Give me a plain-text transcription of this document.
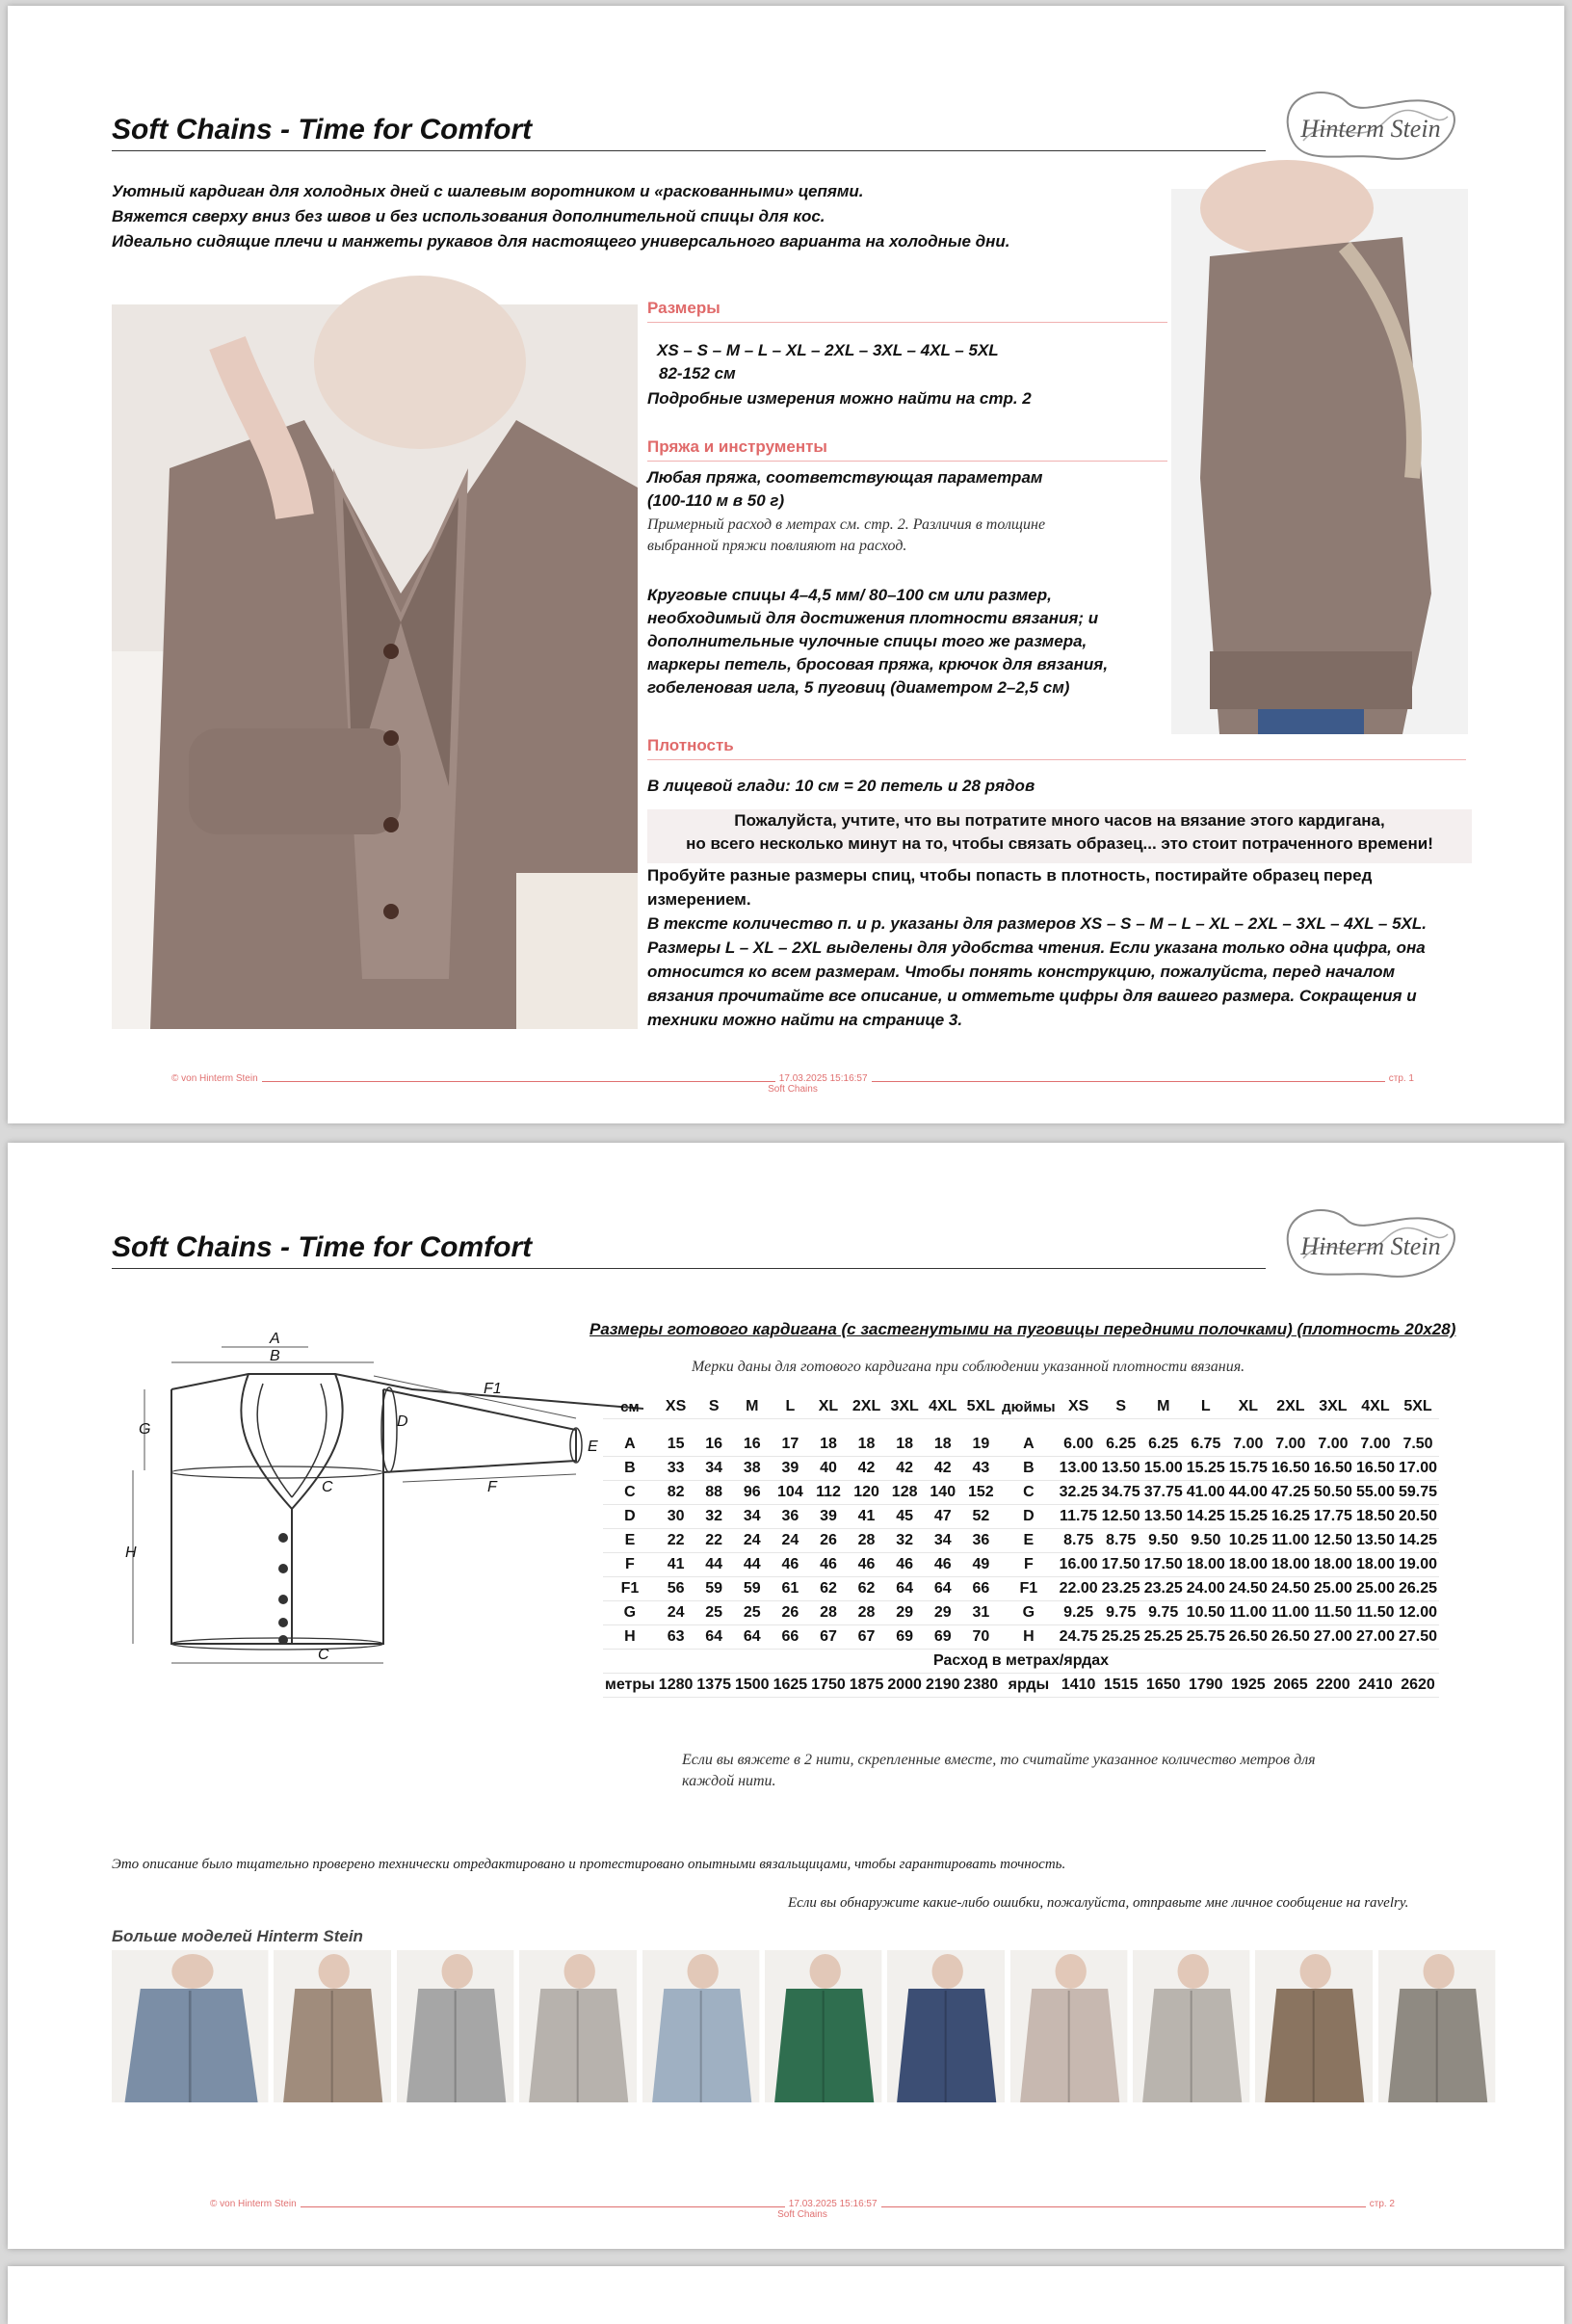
Soft Chains - Time for Comfort	Hinterm Stein
Уютный кардиган для холодных дней с шалевым воротником и «раскованными» цепями.
Вяжется сверху вниз без швов и без использования дополнительной спицы для кос.
Идеально сидящие плечи и манжеты рукавов для настоящего универсального варианта на холодные дни.
Размеры
XS – S – M – L – XL – 2XL – 3XL – 4XL – 5XL
82-152 см
Подробные измерения можно найти на стр. 2
Пряжа и инструменты
Любая пряжа, соответствующая параметрам
(100-110 м в 50 г)
Примерный расход в метрах см. стр. 2. Различия в толщине
выбранной пряжи повлияют на расход.
Круговые спицы 4–4,5 мм/ 80–100 см или размер,
необходимый для достижения плотности вязания; и
дополнительные чулочные спицы того же размера,
маркеры петель, бросовая пряжа, крючок для вязания,
гобеленовая игла, 5 пуговиц (диаметром 2–2,5 см)
Плотность
В лицевой глади: 10 см = 20 петель и 28 рядов
Пожалуйста, учтите, что вы потратите много часов на вязание этого кардигана,
но всего несколько минут на то, чтобы связать образец... это стоит потраченного времени!
Пробуйте разные размеры спиц, чтобы попасть в плотность, постирайте образец перед
измерением.
В тексте количество п. и р. указаны для размеров XS – S – M – L – XL – 2XL – 3XL – 4XL – 5XL.
Размеры L – XL – 2XL выделены для удобства чтения. Если указана только одна цифра, она
относится ко всем размерам. Чтобы понять конструкцию, пожалуйста, перед началом
вязания прочитайте все описание, и отметьте цифры для вашего размера. Сокращения и
техники можно найти на странице 3.
© von Hinterm Stein	17.03.2025 15:16:57	стр. 1
Soft Chains
Soft Chains - Time for Comfort	Hinterm Stein
A
B
F1
G	D
E
C	F
H
C
Размеры готового кардигана (с застегнутыми на пуговицы передними полочками) (плотность 20x28)
Мерки даны для готового кардигана при соблюдении указанной плотности вязания.
см	XS	S	M	L	XL	2XL	3XL	4XL	5XL	дюймы	XS	S	M	L	XL	2XL	3XL	4XL	5XL

A	15	16	16	17	18	18	18	18	19	A	6.00	6.25	6.25	6.75	7.00	7.00	7.00	7.00	7.50
B	33	34	38	39	40	42	42	42	43	B	13.00	13.50	15.00	15.25	15.75	16.50	16.50	16.50	17.00
C	82	88	96	104	112	120	128	140	152	C	32.25	34.75	37.75	41.00	44.00	47.25	50.50	55.00	59.75
D	30	32	34	36	39	41	45	47	52	D	11.75	12.50	13.50	14.25	15.25	16.25	17.75	18.50	20.50
E	22	22	24	24	26	28	32	34	36	E	8.75	8.75	9.50	9.50	10.25	11.00	12.50	13.50	14.25
F	41	44	44	46	46	46	46	46	49	F	16.00	17.50	17.50	18.00	18.00	18.00	18.00	18.00	19.00
F1	56	59	59	61	62	62	64	64	66	F1	22.00	23.25	23.25	24.00	24.50	24.50	25.00	25.00	26.25
G	24	25	25	26	28	28	29	29	31	G	9.25	9.75	9.75	10.50	11.00	11.00	11.50	11.50	12.00
H	63	64	64	66	67	67	69	69	70	H	24.75	25.25	25.25	25.75	26.50	26.50	27.00	27.00	27.50
Расход в метрах/ярдах																			
метры	1280	1375	1500	1625	1750	1875	2000	2190	2380	ярды	1410	1515	1650	1790	1925	2065	2200	2410	2620
Если вы вяжете в 2 нити, скрепленные вместе, то считайте указанное количество метров для
каждой нити.
Это описание было тщательно проверено технически отредактировано и протестировано опытными вязальщицами, чтобы гарантировать точность.
Если вы обнаружите какие-либо ошибки, пожалуйста, отправьте мне личное сообщение на ravelry.
Больше моделей Hinterm Stein
© von Hinterm Stein	17.03.2025 15:16:57	стр. 2
Soft Chains
